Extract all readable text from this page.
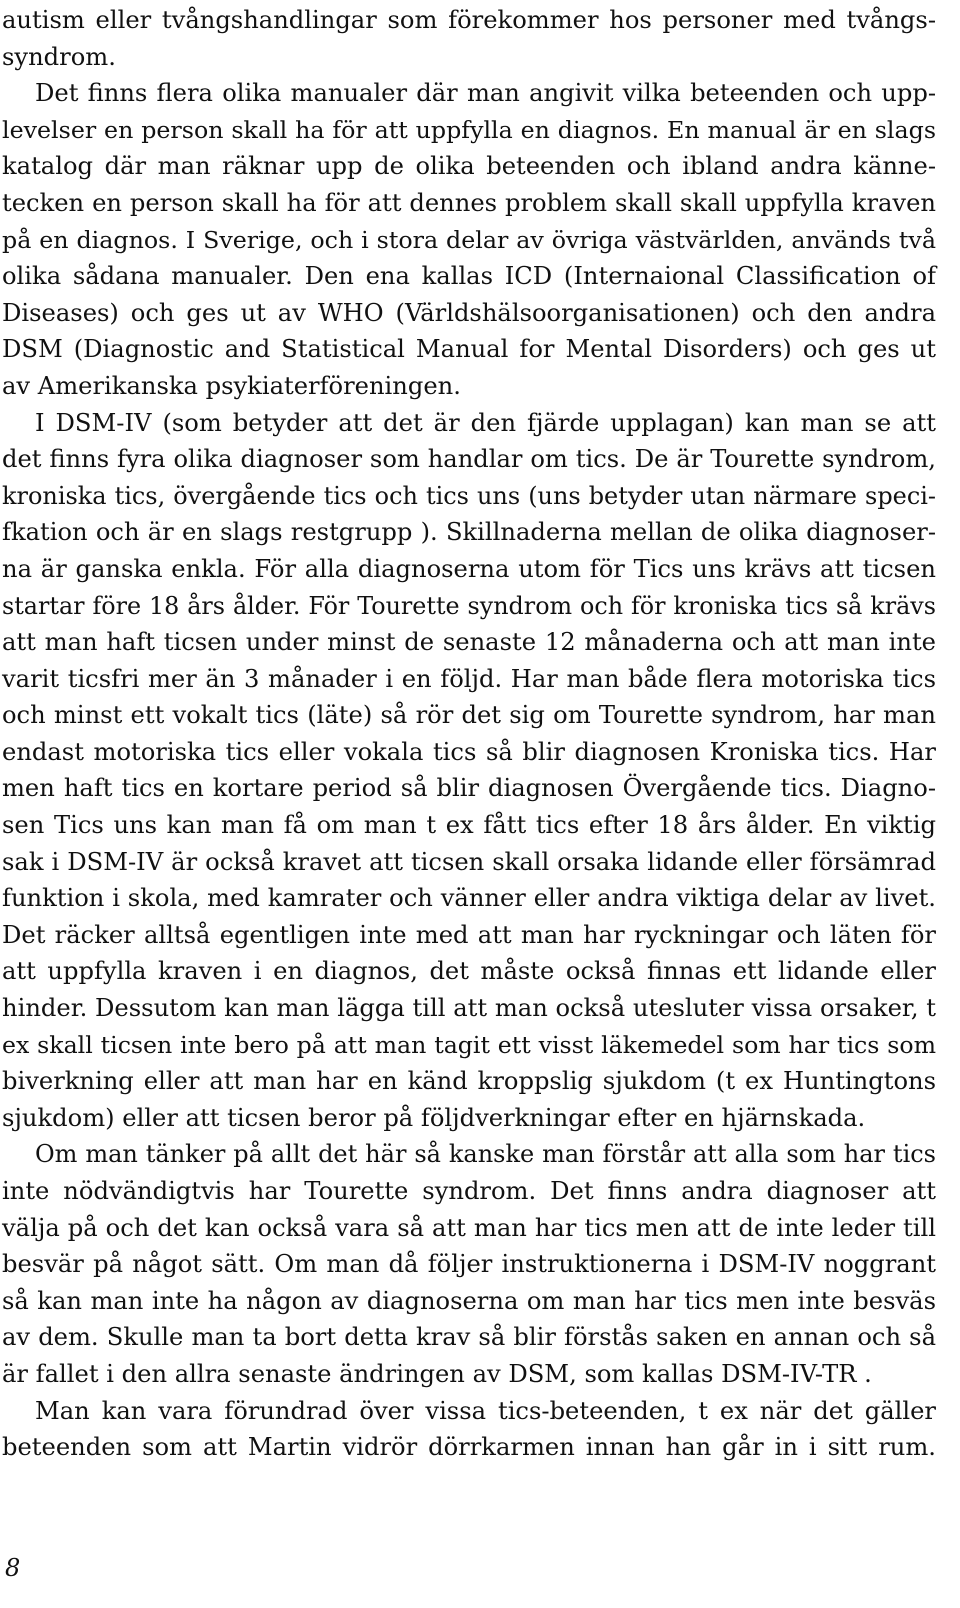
autism eller tvångshandlingar som förekommer hos personer med tvångs-
syndrom.
Det finns flera olika manualer där man angivit vilka beteenden och upp-
levelser en person skall ha för att uppfylla en diagnos. En manual är en slags
katalog där man räknar upp de olika beteenden och ibland andra känne-
tecken en person skall ha för att dennes problem skall skall uppfylla kraven
på en diagnos. I Sverige, och i stora delar av övriga västvärlden, används två
olika sådana manualer. Den ena kallas ICD (Internaional Classification of
Diseases) och ges ut av WHO (Världshälsoorganisationen) och den andra
DSM (Diagnostic and Statistical Manual for Mental Disorders) och ges ut
av Amerikanska psykiaterföreningen.
I DSM-IV (som betyder att det är den fjärde upplagan) kan man se att
det finns fyra olika diagnoser som handlar om tics. De är Tourette syndrom,
kroniska tics, övergående tics och tics uns (uns betyder utan närmare speci-
fkation och är en slags restgrupp ). Skillnaderna mellan de olika diagnoser-
na är ganska enkla. För alla diagnoserna utom för Tics uns krävs att ticsen
startar före 18 års ålder. För Tourette syndrom och för kroniska tics så krävs
att man haft ticsen under minst de senaste 12 månaderna och att man inte
varit ticsfri mer än 3 månader i en följd. Har man både flera motoriska tics
och minst ett vokalt tics (läte) så rör det sig om Tourette syndrom, har man
endast motoriska tics eller vokala tics så blir diagnosen Kroniska tics. Har
men haft tics en kortare period så blir diagnosen Övergående tics. Diagno-
sen Tics uns kan man få om man t ex fått tics efter 18 års ålder. En viktig
sak i DSM-IV är också kravet att ticsen skall orsaka lidande eller försämrad
funktion i skola, med kamrater och vänner eller andra viktiga delar av livet.
Det räcker alltså egentligen inte med att man har ryckningar och läten för
att uppfylla kraven i en diagnos, det måste också finnas ett lidande eller
hinder. Dessutom kan man lägga till att man också utesluter vissa orsaker, t
ex skall ticsen inte bero på att man tagit ett visst läkemedel som har tics som
biverkning eller att man har en känd kroppslig sjukdom (t ex Huntingtons
sjukdom) eller att ticsen beror på följdverkningar efter en hjärnskada.
Om man tänker på allt det här så kanske man förstår att alla som har tics
inte nödvändigtvis har Tourette syndrom. Det finns andra diagnoser att
välja på och det kan också vara så att man har tics men att de inte leder till
besvär på något sätt. Om man då följer instruktionerna i DSM-IV noggrant
så kan man inte ha någon av diagnoserna om man har tics men inte besväs
av dem. Skulle man ta bort detta krav så blir förstås saken en annan och så
är fallet i den allra senaste ändringen av DSM, som kallas DSM-IV-TR .
Man kan vara förundrad över vissa tics-beteenden, t ex när det gäller
beteenden som att Martin vidrör dörrkarmen innan han går in i sitt rum.
8
